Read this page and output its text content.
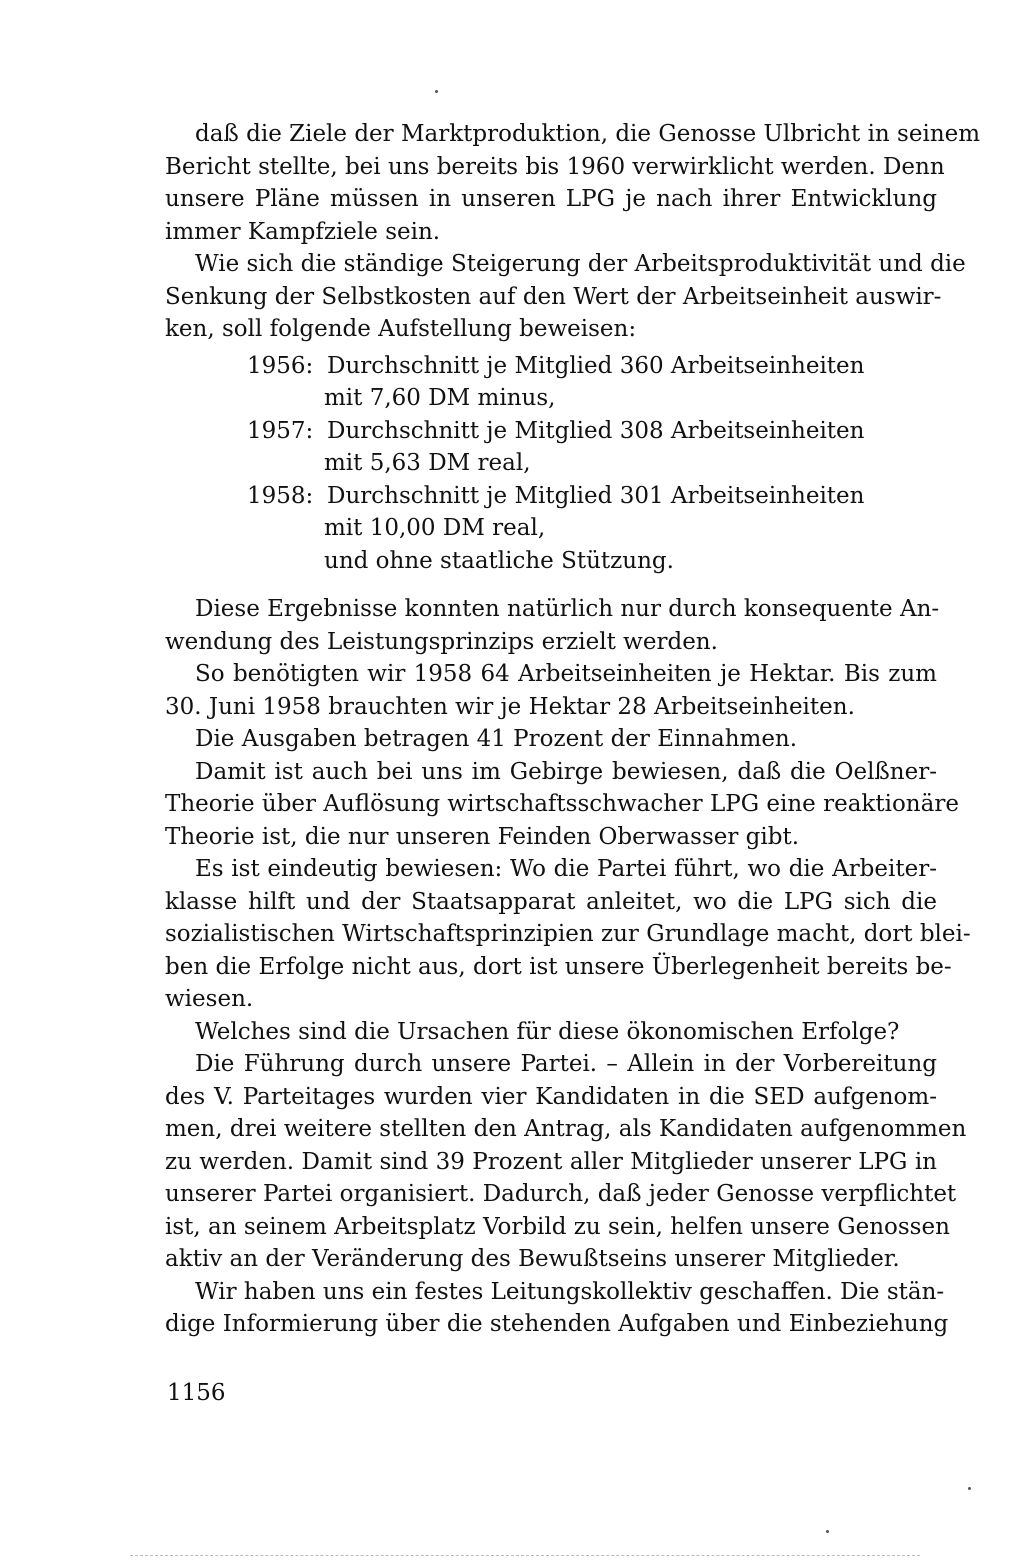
daß die Ziele der Marktproduktion, die Genosse Ulbricht in seinem
Bericht stellte, bei uns bereits bis 1960 verwirklicht werden. Denn
unsere Pläne müssen in unseren LPG je nach ihrer Entwicklung
immer Kampfziele sein.
Wie sich die ständige Steigerung der Arbeitsproduktivität und die
Senkung der Selbstkosten auf den Wert der Arbeitseinheit auswir-
ken, soll folgende Aufstellung beweisen:
1956: Durchschnitt je Mitglied 360 Arbeitseinheiten
mit 7,60 DM minus,
1957: Durchschnitt je Mitglied 308 Arbeitseinheiten
mit 5,63 DM real,
1958: Durchschnitt je Mitglied 301 Arbeitseinheiten
mit 10,00 DM real,
und ohne staatliche Stützung.
Diese Ergebnisse konnten natürlich nur durch konsequente An-
wendung des Leistungsprinzips erzielt werden.
So benötigten wir 1958 64 Arbeitseinheiten je Hektar. Bis zum
30. Juni 1958 brauchten wir je Hektar 28 Arbeitseinheiten.
Die Ausgaben betragen 41 Prozent der Einnahmen.
Damit ist auch bei uns im Gebirge bewiesen, daß die Oelßner-
Theorie über Auflösung wirtschaftsschwacher LPG eine reaktionäre
Theorie ist, die nur unseren Feinden Oberwasser gibt.
Es ist eindeutig bewiesen: Wo die Partei führt, wo die Arbeiter-
klasse hilft und der Staatsapparat anleitet, wo die LPG sich die
sozialistischen Wirtschaftsprinzipien zur Grundlage macht, dort blei-
ben die Erfolge nicht aus, dort ist unsere Überlegenheit bereits be-
wiesen.
Welches sind die Ursachen für diese ökonomischen Erfolge?
Die Führung durch unsere Partei. – Allein in der Vorbereitung
des V. Parteitages wurden vier Kandidaten in die SED aufgenom-
men, drei weitere stellten den Antrag, als Kandidaten aufgenommen
zu werden. Damit sind 39 Prozent aller Mitglieder unserer LPG in
unserer Partei organisiert. Dadurch, daß jeder Genosse verpflichtet
ist, an seinem Arbeitsplatz Vorbild zu sein, helfen unsere Genossen
aktiv an der Veränderung des Bewußtseins unserer Mitglieder.
Wir haben uns ein festes Leitungskollektiv geschaffen. Die stän-
dige Informierung über die stehenden Aufgaben und Einbeziehung
1156
